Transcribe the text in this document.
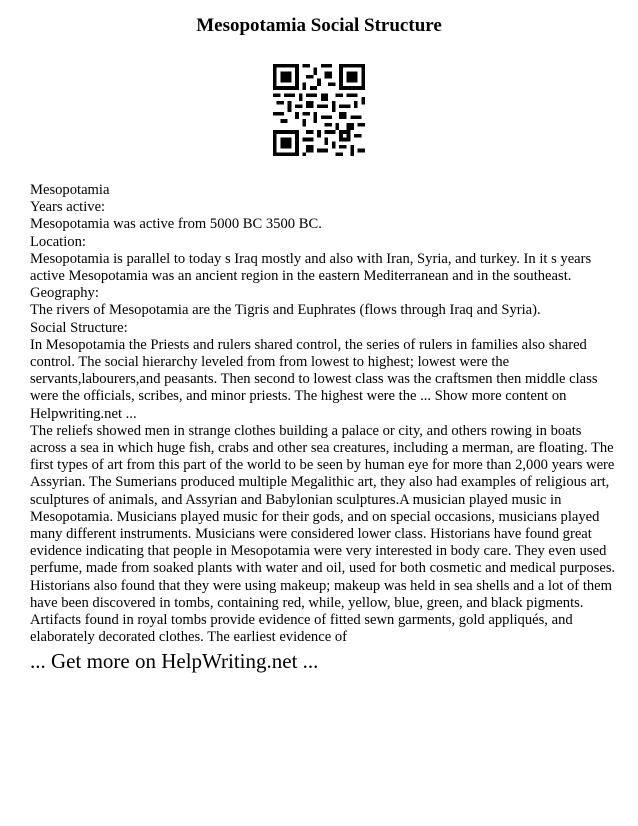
Mesopotamia Social Structure

Mesopotamia

Years active:

Mesopotamia was active from 5000 BC 3500 BC.

Location:

Mesopotamia is parallel to today s Iraq mostly and also with Iran, Syria, and turkey. In it s years active Mesopotamia was an ancient region in the eastern Mediterranean and in the southeast.

Geography:

The rivers of Mesopotamia are the Tigris and Euphrates (flows through Iraq and Syria).

Social Structure:

In Mesopotamia the Priests and rulers shared control, the series of rulers in families also shared control. The social hierarchy leveled from from lowest to highest; lowest were the servants,labourers,and peasants. Then second to lowest class was the craftsmen then middle class were the officials, scribes, and minor priests. The highest were the ... Show more content on Helpwriting.net ...

The reliefs showed men in strange clothes building a palace or city, and others rowing in boats across a sea in which huge fish, crabs and other sea creatures, including a merman, are floating. The first types of art from this part of the world to be seen by human eye for more than 2,000 years were Assyrian. The Sumerians produced multiple Megalithic art, they also had examples of religious art, sculptures of animals, and Assyrian and Babylonian sculptures.A musician played music in Mesopotamia. Musicians played music for their gods, and on special occasions, musicians played many different instruments. Musicians were considered lower class. Historians have found great evidence indicating that people in Mesopotamia were very interested in body care. They even used perfume, made from soaked plants with water and oil, used for both cosmetic and medical purposes. Historians also found that they were using makeup; makeup was held in sea shells and a lot of them have been discovered in tombs, containing red, while, yellow, blue, green, and black pigments. Artifacts found in royal tombs provide evidence of fitted sewn garments, gold appliqués, and elaborately decorated clothes. The earliest evidence of

... Get more on HelpWriting.net ...
